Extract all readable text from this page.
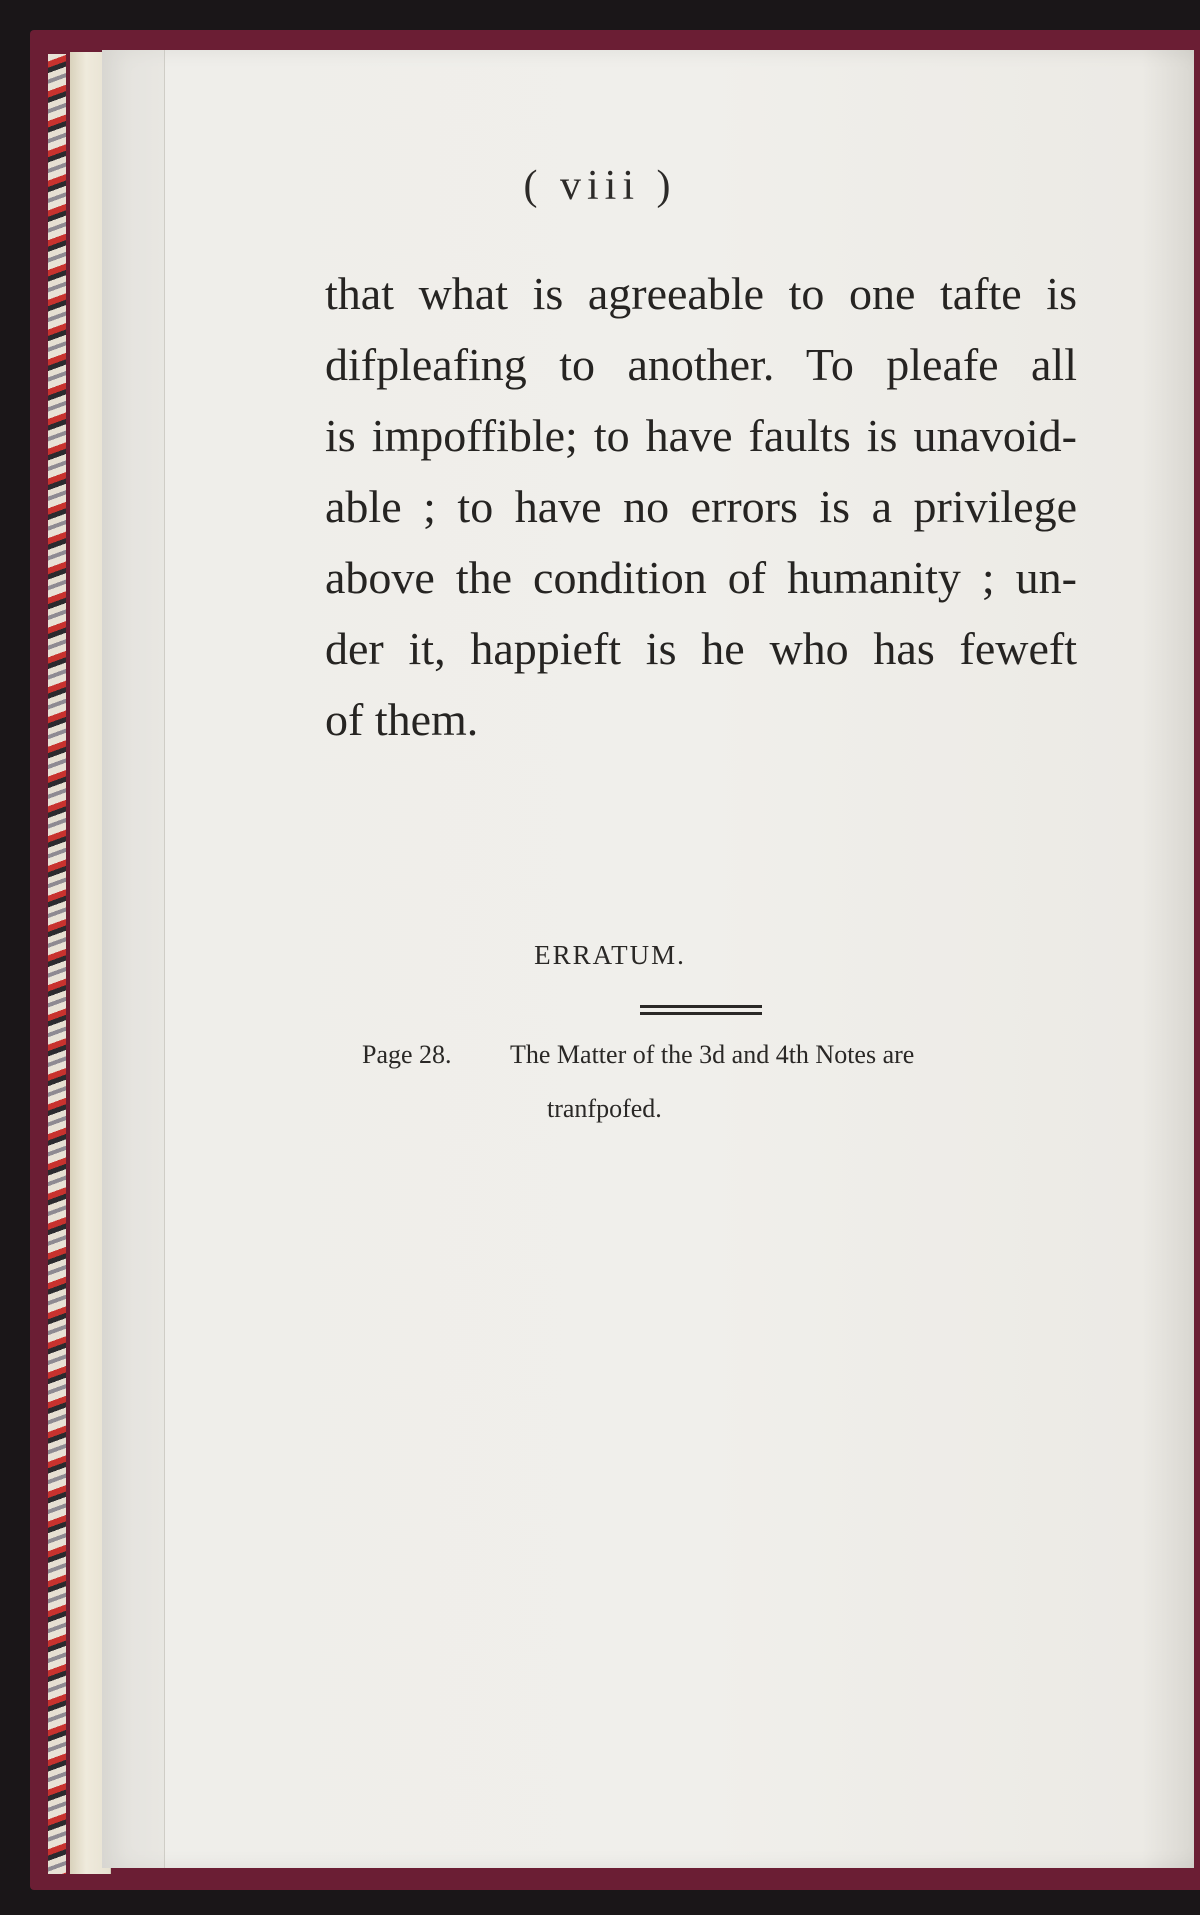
( viii )
that what is agreeable to one tafte is
difpleafing to another. To pleafe all
is impoffible; to have faults is unavoid-
able ; to have no errors is a privilege
above the condition of humanity ; un-
der it, happieft is he who has feweft
of them.
ERRATUM.
Page 28. The Matter of the 3d and 4th Notes are
tranfpofed.
